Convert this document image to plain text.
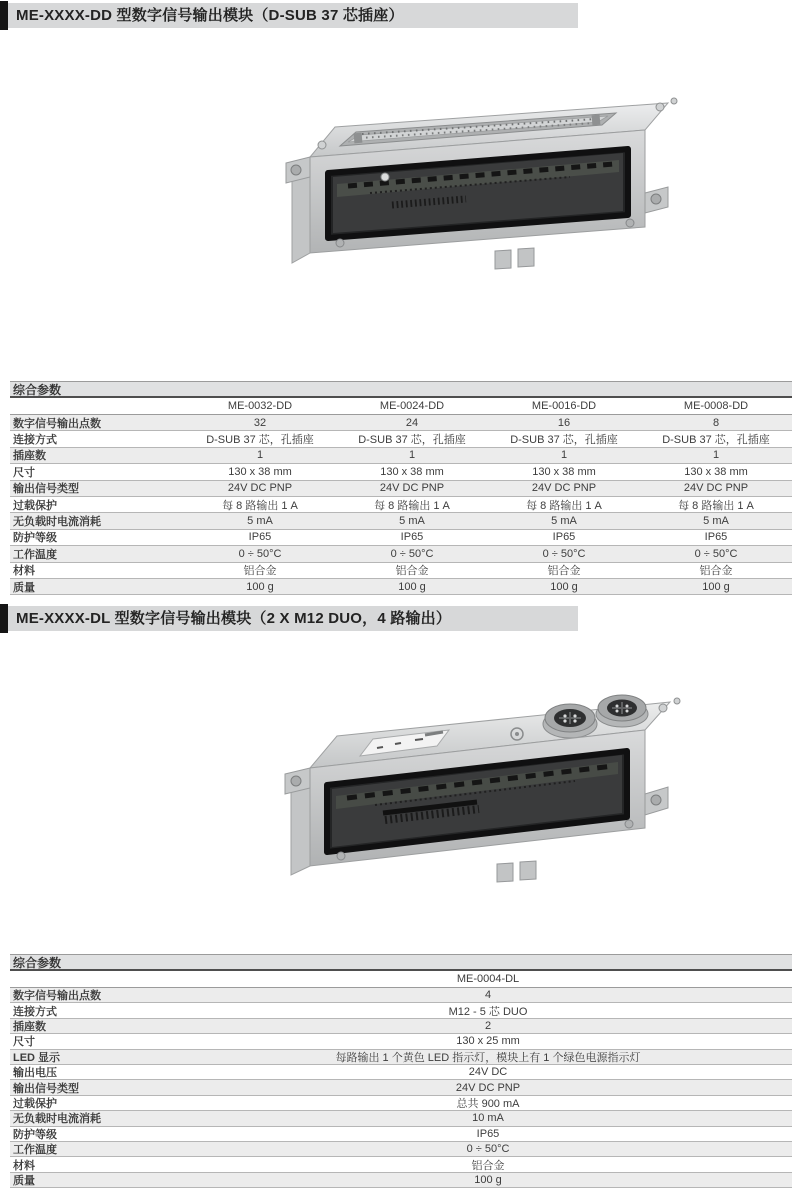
ME-XXXX-DD 型数字信号输出模块（D-SUB 37 芯插座）
综合参数
ME-0032-DD	ME-0024-DD	ME-0016-DD	ME-0008-DD
数字信号输出点数	32	24	16	8
连接方式	D-SUB 37 芯，孔插座	D-SUB 37 芯，孔插座	D-SUB 37 芯，孔插座	D-SUB 37 芯，孔插座
插座数	1	1	1	1
尺寸	130 x 38 mm	130 x 38 mm	130 x 38 mm	130 x 38 mm
输出信号类型	24V DC PNP	24V DC PNP	24V DC PNP	24V DC PNP
过载保护	每 8 路输出 1 A	每 8 路输出 1 A	每 8 路输出 1 A	每 8 路输出 1 A
无负载时电流消耗	5 mA	5 mA	5 mA	5 mA
防护等级	IP65	IP65	IP65	IP65
工作温度	0 ÷ 50°C	0 ÷ 50°C	0 ÷ 50°C	0 ÷ 50°C
材料	铝合金	铝合金	铝合金	铝合金
质量	100 g	100 g	100 g	100 g
ME-XXXX-DL 型数字信号输出模块（2 X M12 DUO，4 路输出）
综合参数
ME-0004-DL
数字信号输出点数	4
连接方式	M12 - 5 芯 DUO
插座数	2
尺寸	130 x 25 mm
LED 显示	每路输出 1 个黄色 LED 指示灯，模块上有 1 个绿色电源指示灯
输出电压	24V DC
输出信号类型	24V DC PNP
过载保护	总共 900 mA
无负载时电流消耗	10 mA
防护等级	IP65
工作温度	0 ÷ 50°C
材料	铝合金
质量	100 g
